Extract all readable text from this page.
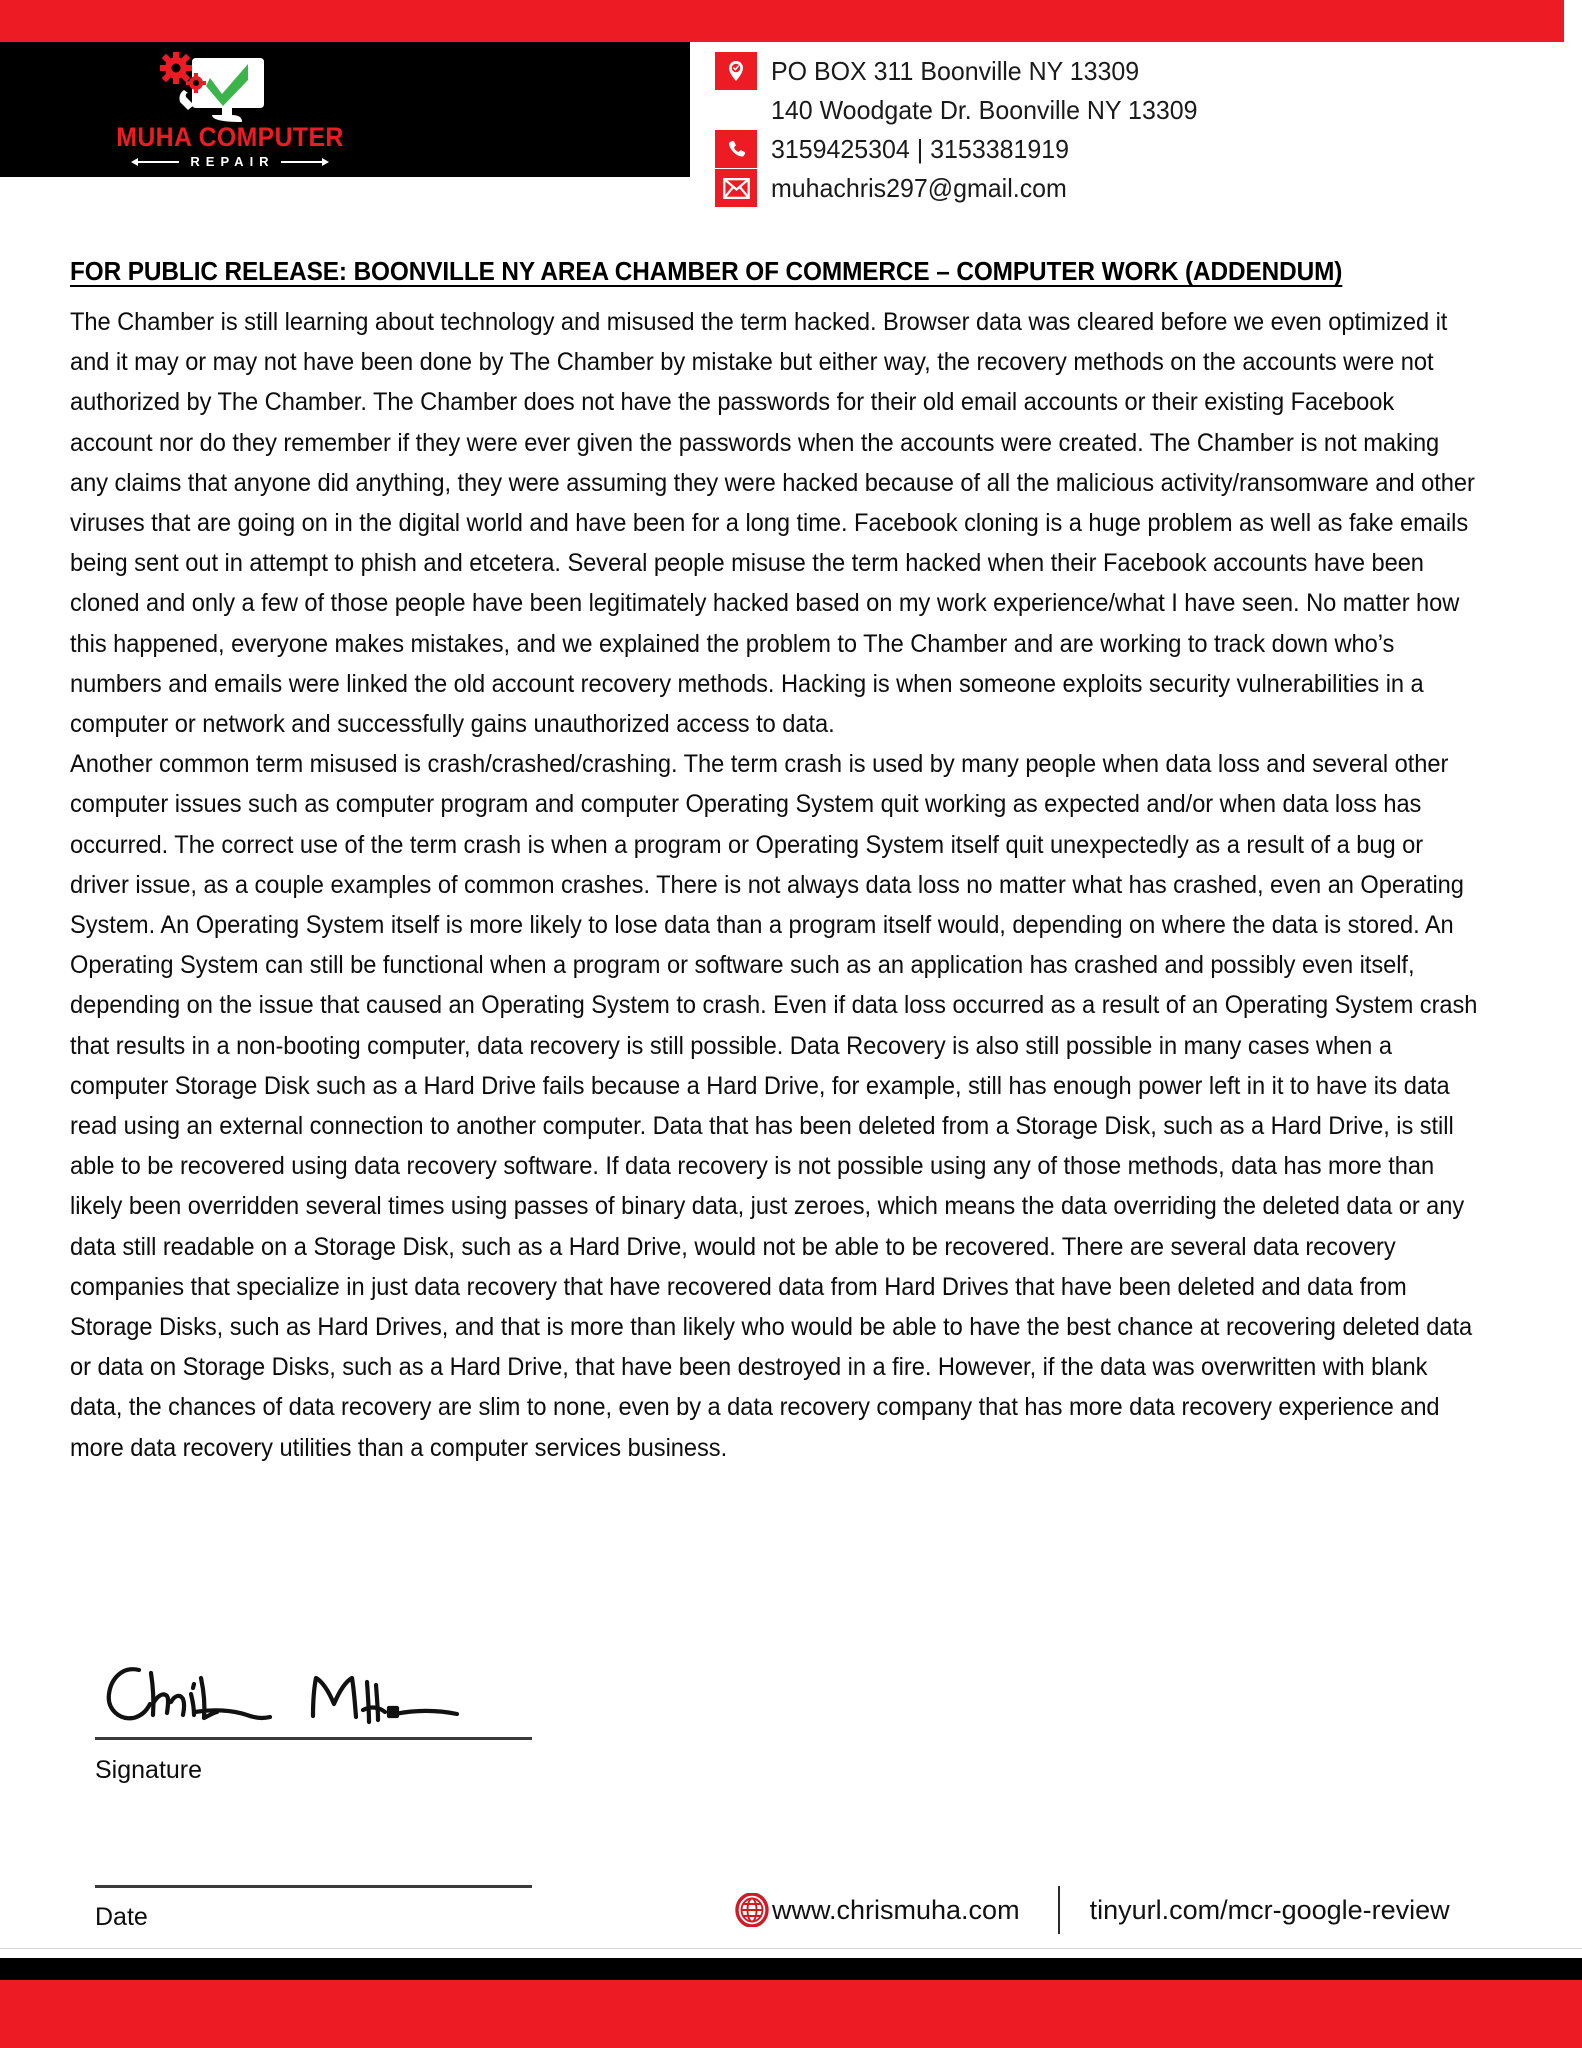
MUHA COMPUTER
REPAIR
PO BOX 311 Boonville NY 13309
140 Woodgate Dr. Boonville NY 13309
3159425304 | 3153381919
muhachris297@gmail.com
FOR PUBLIC RELEASE: BOONVILLE NY AREA CHAMBER OF COMMERCE – COMPUTER WORK (ADDENDUM)

The Chamber is still learning about technology and misused the term hacked. Browser data was cleared before we even optimized it and it may or may not have been done by The Chamber by mistake but either way, the recovery methods on the accounts were not authorized by The Chamber. The Chamber does not have the passwords for their old email accounts or their existing Facebook account nor do they remember if they were ever given the passwords when the accounts were created. The Chamber is not making any claims that anyone did anything, they were assuming they were hacked because of all the malicious activity/ransomware and other viruses that are going on in the digital world and have been for a long time. Facebook cloning is a huge problem as well as fake emails being sent out in attempt to phish and etcetera. Several people misuse the term hacked when their Facebook accounts have been cloned and only a few of those people have been legitimately hacked based on my work experience/what I have seen. No matter how this happened, everyone makes mistakes, and we explained the problem to The Chamber and are working to track down who’s numbers and emails were linked the old account recovery methods. Hacking is when someone exploits security vulnerabilities in a computer or network and successfully gains unauthorized access to data.

Another common term misused is crash/crashed/crashing. The term crash is used by many people when data loss and several other computer issues such as computer program and computer Operating System quit working as expected and/or when data loss has occurred. The correct use of the term crash is when a program or Operating System itself quit unexpectedly as a result of a bug or driver issue, as a couple examples of common crashes. There is not always data loss no matter what has crashed, even an Operating System. An Operating System itself is more likely to lose data than a program itself would, depending on where the data is stored. An Operating System can still be functional when a program or software such as an application has crashed and possibly even itself, depending on the issue that caused an Operating System to crash. Even if data loss occurred as a result of an Operating System crash that results in a non-booting computer, data recovery is still possible. Data Recovery is also still possible in many cases when a computer Storage Disk such as a Hard Drive fails because a Hard Drive, for example, still has enough power left in it to have its data read using an external connection to another computer. Data that has been deleted from a Storage Disk, such as a Hard Drive, is still able to be recovered using data recovery software. If data recovery is not possible using any of those methods, data has more than likely been overridden several times using passes of binary data, just zeroes, which means the data overriding the deleted data or any data still readable on a Storage Disk, such as a Hard Drive, would not be able to be recovered. There are several data recovery companies that specialize in just data recovery that have recovered data from Hard Drives that have been deleted and data from Storage Disks, such as Hard Drives, and that is more than likely who would be able to have the best chance at recovering deleted data or data on Storage Disks, such as a Hard Drive, that have been destroyed in a fire. However, if the data was overwritten with blank data, the chances of data recovery are slim to none, even by a data recovery company that has more data recovery experience and more data recovery utilities than a computer services business.

Signature
Date	www.chrismuha.com	tinyurl.com/mcr-google-review
